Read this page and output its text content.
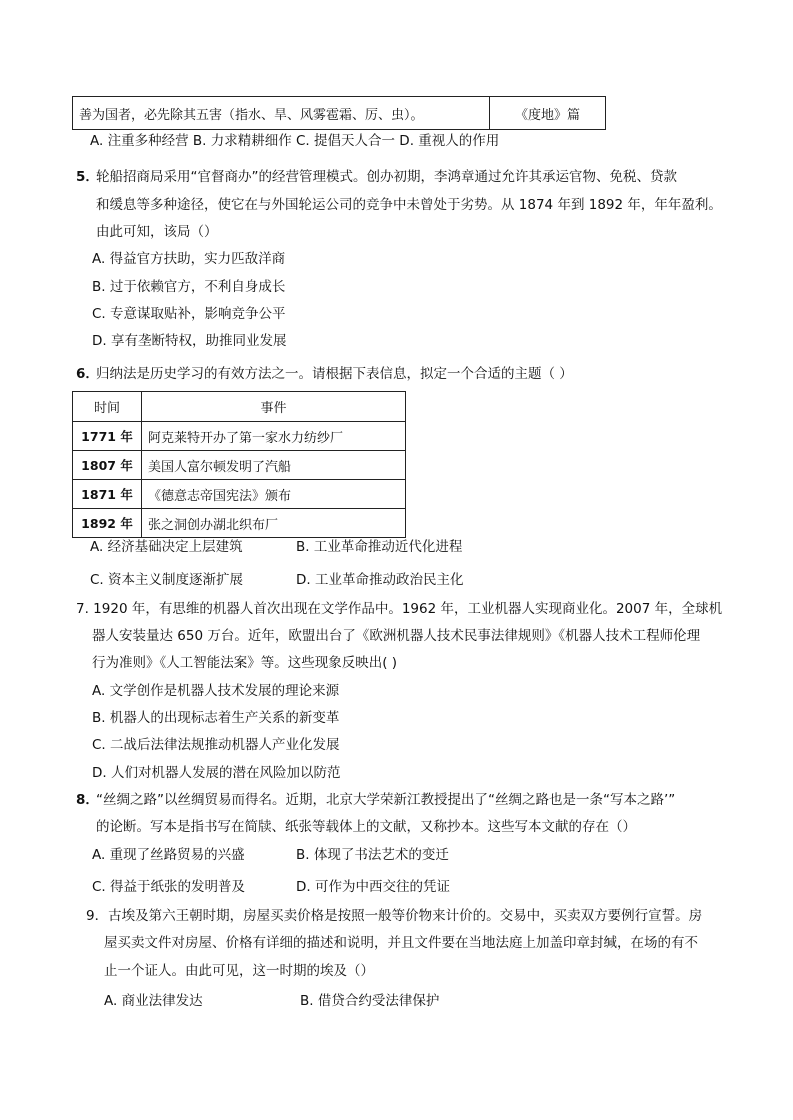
善为国者，必先除其五害（指水、旱、风雾雹霜、厉、虫）。	《度地》篇
A. 注重多种经营 B. 力求精耕细作 C. 提倡天人合一 D. 重视人的作用
5．
轮船招商局采用“官督商办”的经营管理模式。创办初期，李鸿章通过允许其承运官物、免税、贷款
和缓息等多种途径，使它在与外国轮运公司的竞争中未曾处于劣势。从 1874 年到 1892 年，年年盈利。
由此可知，该局（）
A. 得益官方扶助，实力匹敌洋商
B. 过于依赖官方，不利自身成长
C. 专意谋取贴补，影响竞争公平
D. 享有垄断特权，助推同业发展
6．
归纳法是历史学习的有效方法之一。请根据下表信息，拟定一个合适的主题（ ）
时间	事件
1771 年	阿克莱特开办了第一家水力纺纱厂
1807 年	美国人富尔顿发明了汽船
1871 年	《德意志帝国宪法》颁布
1892 年	张之洞创办湖北织布厂
A. 经济基础决定上层建筑	B. 工业革命推动近代化进程
C. 资本主义制度逐渐扩展	D. 工业革命推动政治民主化
7. 1920 年，有思维的机器人首次出现在文学作品中。1962 年，工业机器人实现商业化。2007 年，全球机
器人安装量达 650 万台。近年，欧盟出台了《欧洲机器人技术民事法律规则》《机器人技术工程师伦理
行为准则》《人工智能法案》等。这些现象反映出( )
A. 文学创作是机器人技术发展的理论来源
B. 机器人的出现标志着生产关系的新变革
C. 二战后法律法规推动机器人产业化发展
D. 人们对机器人发展的潜在风险加以防范
8．
“丝绸之路”以丝绸贸易而得名。近期，北京大学荣新江教授提出了“丝绸之路也是一条“写本之路’”
的论断。写本是指书写在简牍、纸张等载体上的文献，又称抄本。这些写本文献的存在（）
A. 重现了丝路贸易的兴盛	B. 体现了书法艺术的变迁
C. 得益于纸张的发明普及	D. 可作为中西交往的凭证
9．古埃及第六王朝时期，房屋买卖价格是按照一般等价物来计价的。交易中，买卖双方要例行宣誓。房
屋买卖文件对房屋、价格有详细的描述和说明，并且文件要在当地法庭上加盖印章封缄，在场的有不
止一个证人。由此可见，这一时期的埃及（）
A. 商业法律发达	B. 借贷合约受法律保护
